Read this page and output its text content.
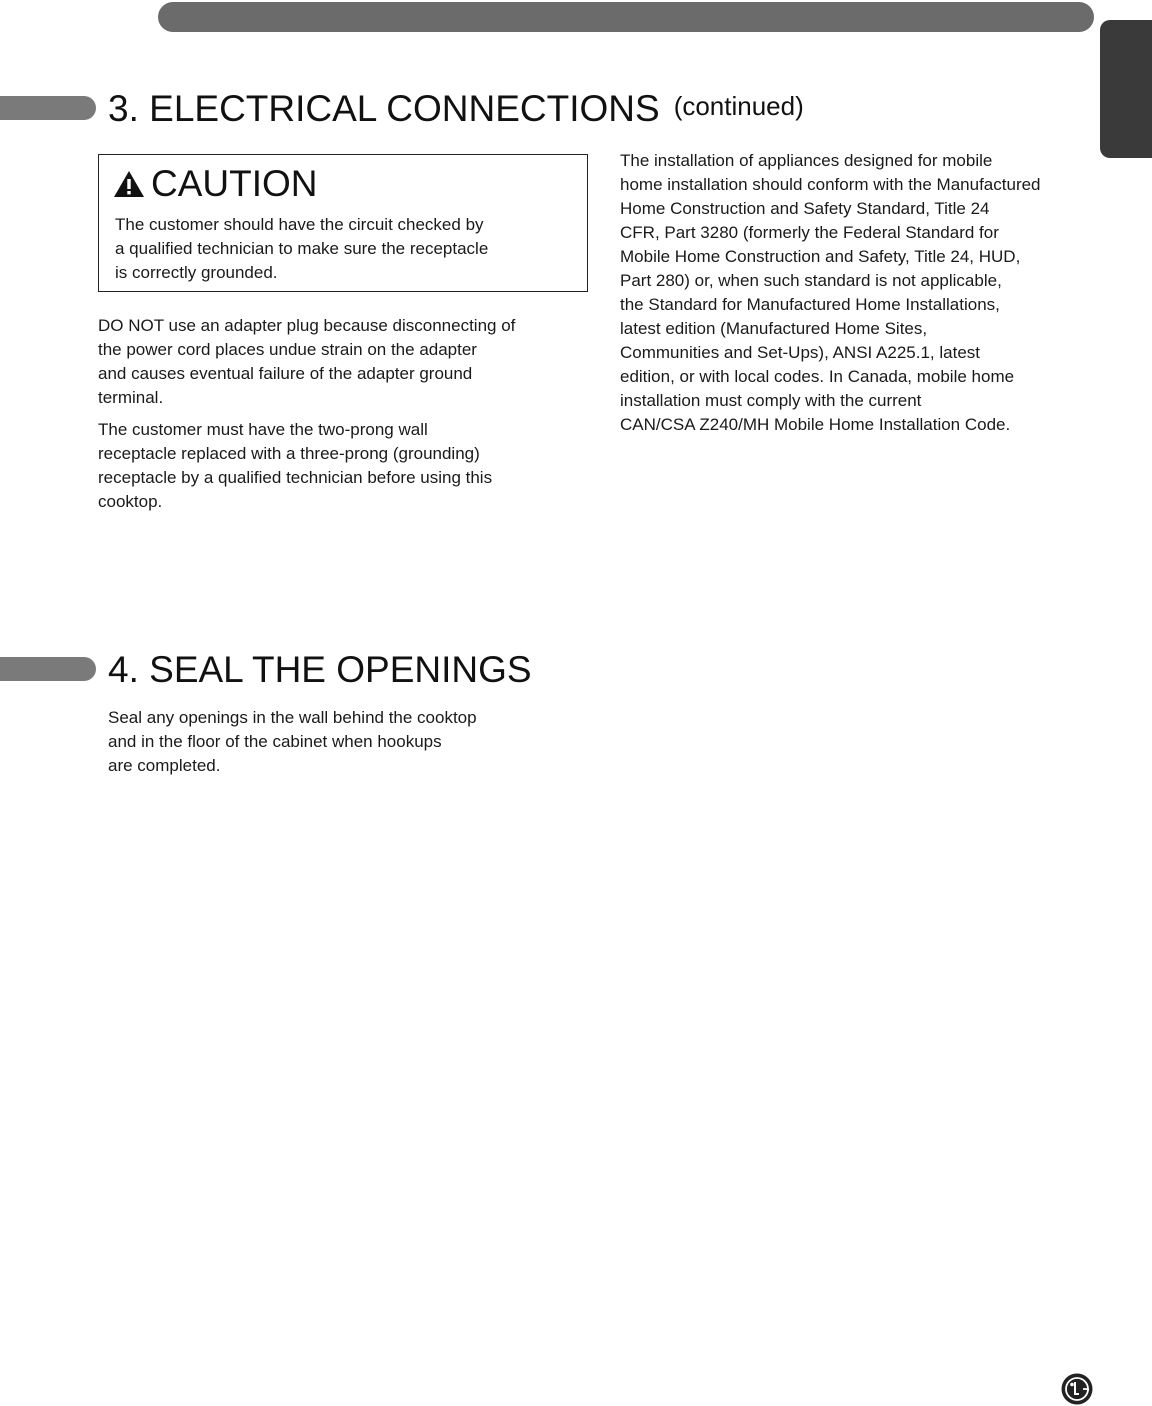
3. ELECTRICAL CONNECTIONS (continued)
CAUTION

The customer should have the circuit checked by
a qualified technician to make sure the receptacle
is correctly grounded.

DO NOT use an adapter plug because disconnecting of
the power cord places undue strain on the adapter
and causes eventual failure of the adapter ground
terminal.

The customer must have the two-prong wall
receptacle replaced with a three-prong (grounding)
receptacle by a qualified technician before using this
cooktop.

The installation of appliances designed for mobile
home installation should conform with the Manufactured
Home Construction and Safety Standard, Title 24
CFR, Part 3280 (formerly the Federal Standard for
Mobile Home Construction and Safety, Title 24, HUD,
Part 280) or, when such standard is not applicable,
the Standard for Manufactured Home Installations,
latest edition (Manufactured Home Sites,
Communities and Set-Ups), ANSI A225.1, latest
edition, or with local codes. In Canada, mobile home
installation must comply with the current
CAN/CSA Z240/MH Mobile Home Installation Code.

4. SEAL THE OPENINGS

Seal any openings in the wall behind the cooktop
and in the floor of the cabinet when hookups
are completed.
